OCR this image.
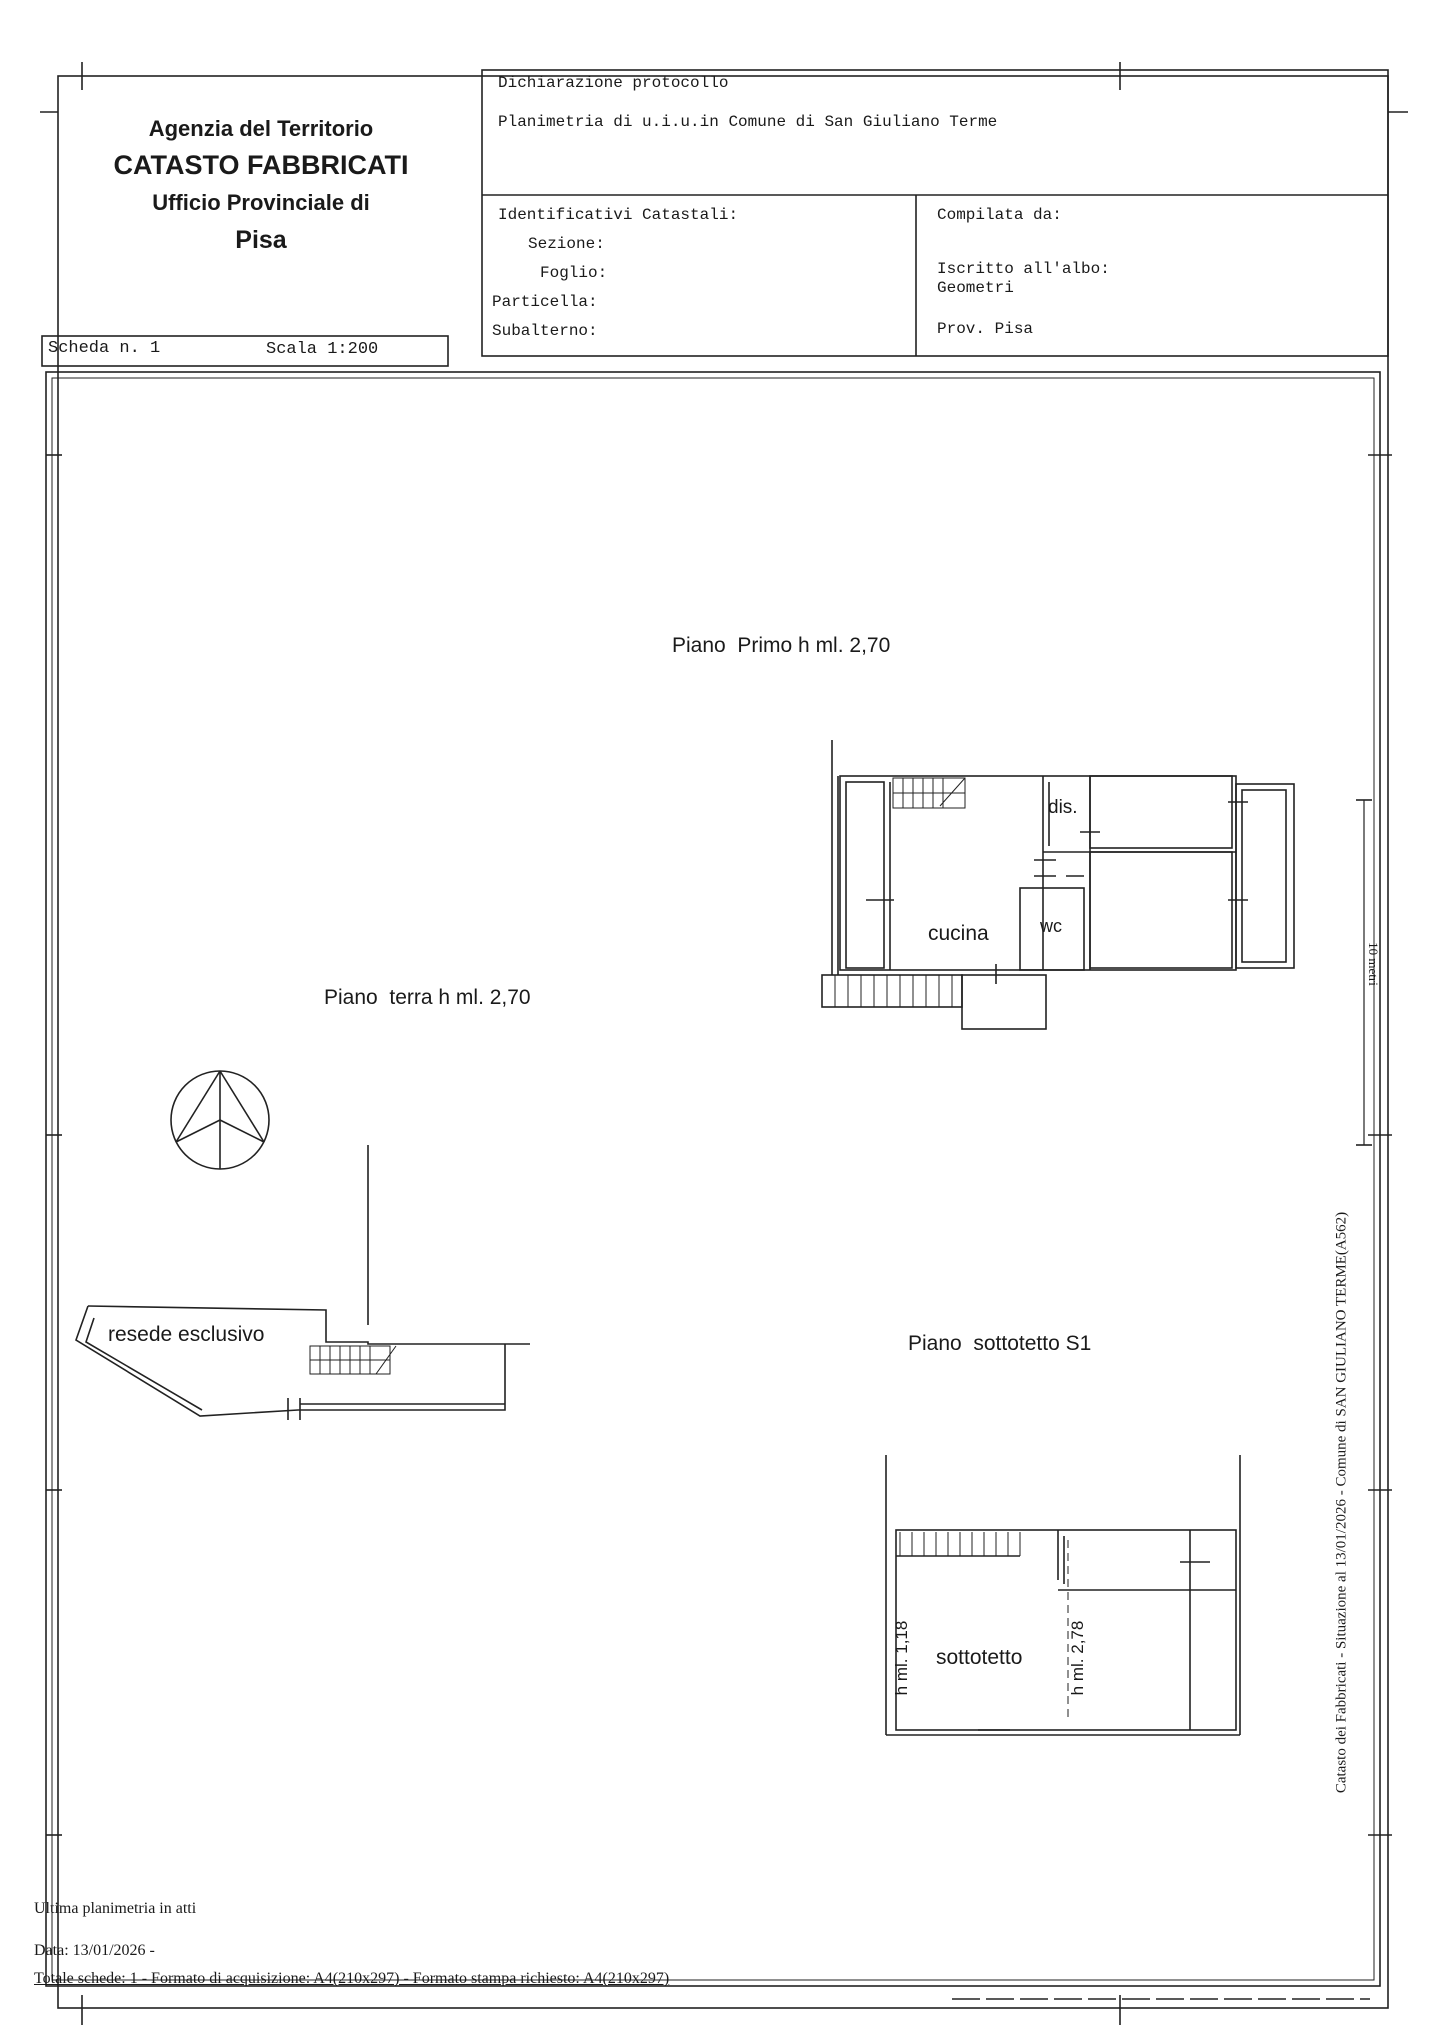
Agenzia del Territorio
CATASTO FABBRICATI
Ufficio Provinciale di
Pisa
Dichiarazione protocollo
Planimetria di u.i.u.in Comune di San Giuliano Terme
Identificativi Catastali:
Sezione:
Foglio:
Particella:
Subalterno:
Compilata da:
Iscritto all'albo:
Geometri
Prov. Pisa
Scheda n. 1	Scala 1:200
Piano  Primo h ml. 2,70
dis.
cucina	wc
Piano  terra h ml. 2,70
resede esclusivo	Piano  sottotetto S1
sottotetto
h ml. 1,18	h ml. 2,78
10 metri
Catasto dei Fabbricati - Situazione al 13/01/2026 - Comune di SAN GIULIANO TERME(A562)
Ultima planimetria in atti
Data: 13/01/2026 -
Totale schede: 1 - Formato di acquisizione: A4(210x297) - Formato stampa richiesto: A4(210x297)
